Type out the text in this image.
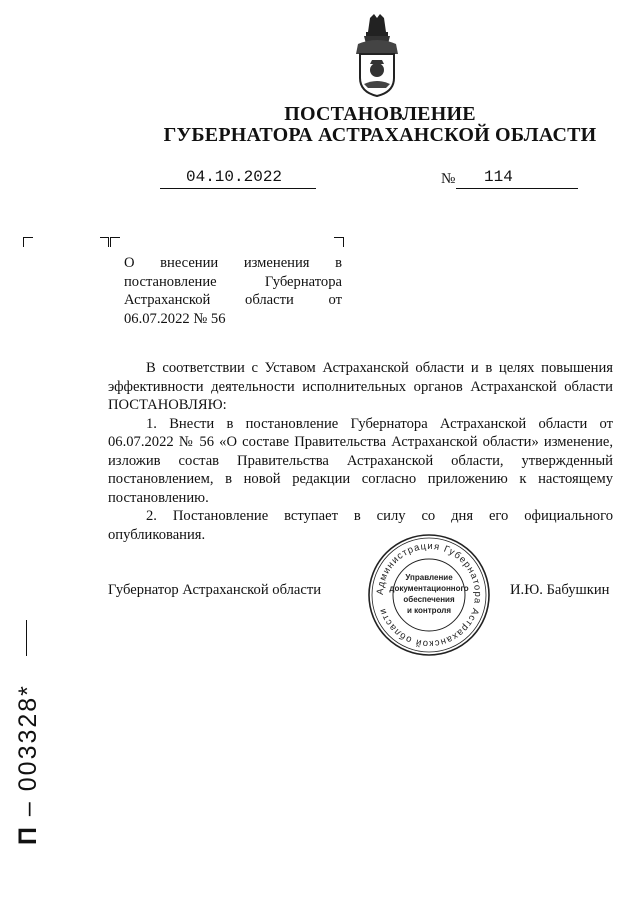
ПОСТАНОВЛЕНИЕ
ГУБЕРНАТОРА АСТРАХАНСКОЙ ОБЛАСТИ
04.10.2022	№ 114
О внесении изменения в постановление Губернатора Астраханской области от 06.07.2022 № 56

В соответствии с Уставом Астраханской области и в целях повышения эффективности деятельности исполнительных органов Астраханской области ПОСТАНОВЛЯЮ:

1. Внести в постановление Губернатора Астраханской области от 06.07.2022 № 56 «О составе Правительства Астраханской области» изменение, изложив состав Правительства Астраханской области, утвержденный постановлением, в новой редакции согласно приложению к настоящему постановлению.

2. Постановление вступает в силу со дня его официального опубликования.

Губернатор Астраханской области	И.Ю. Бабушкин
Администрация Губернатора Астраханской области
Управление
документационного
обеспечения
и контроля
П – 003328*
